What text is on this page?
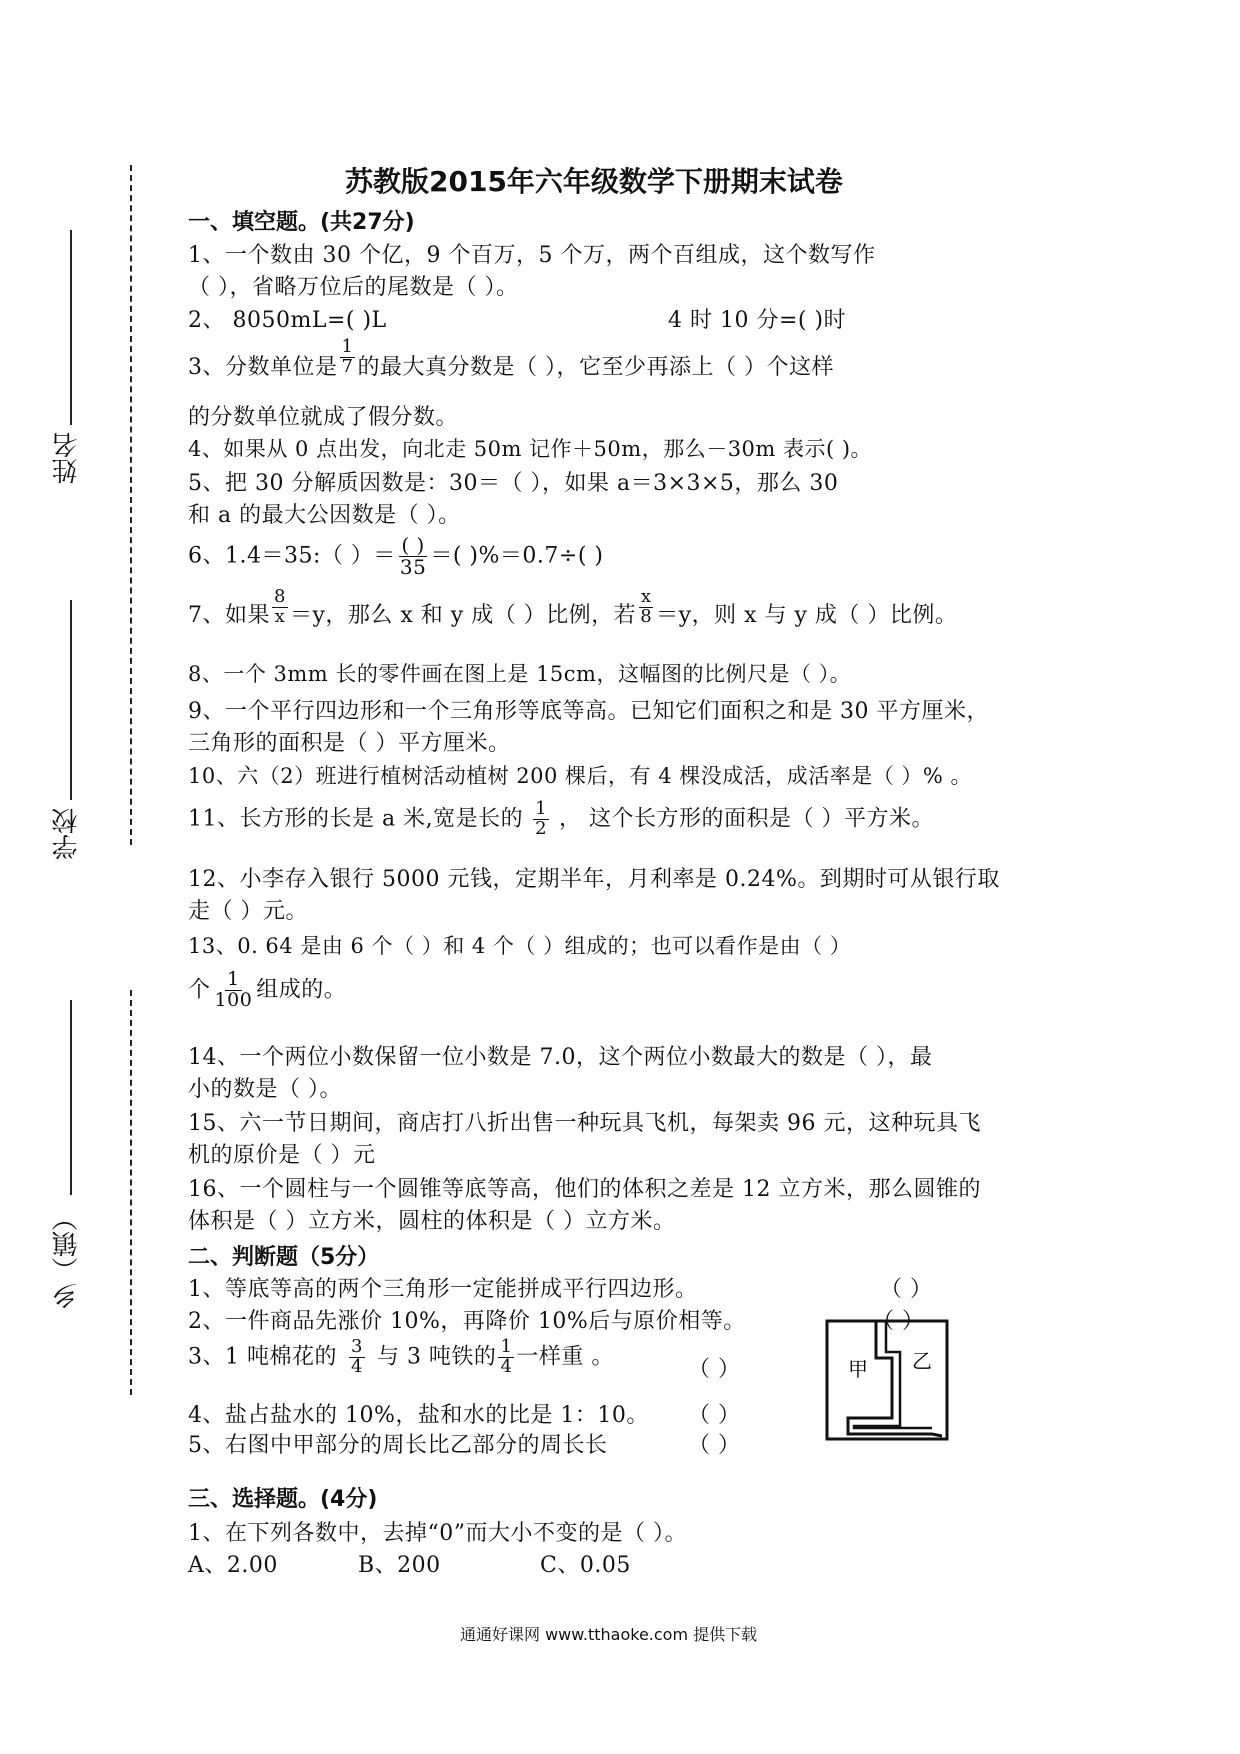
姓名
学校
乡（镇）
苏教版2015年六年级数学下册期末试卷
一、填空题。(共27分)
1、一个数由 30 个亿，9 个百万，5 个万，两个百组成，这个数写作
（ ），省略万位后的尾数是（ ）。
2、 8050mL=( )L	4 时 10 分=( )时
3、分数单位是 $\frac{1}{7}$ 的最大真分数是（ ），它至少再添上（ ）个这样
的分数单位就成了假分数。
4、如果从 0 点出发，向北走 50m 记作＋50m，那么－30m 表示( )。
5、把 30 分解质因数是：30＝（ ），如果 a＝3×3×5，那么 30
和 a 的最大公因数是（ ）。
6、1.4＝35:（ ）＝ $\frac{( )}{35}$ ＝( )%＝0.7÷( )
7、如果 $\frac{8}{x} =y$，那么 x 和 y 成（ ）比例，若 $\frac{x}{8} =y$，则 x 与 y 成（ ）比例。
8、一个 3mm 长的零件画在图上是 15cm，这幅图的比例尺是（ ）。
9、一个平行四边形和一个三角形等底等高。已知它们面积之和是 30 平方厘米，
三角形的面积是（ ）平方厘米。
10、六（2）班进行植树活动植树 200 棵后，有 4 棵没成活，成活率是（ ）% 。
11、长方形的长是 a 米,宽是长的 $\frac{1}{2}$ ， 这个长方形的面积是（ ）平方米。
12、小李存入银行 5000 元钱，定期半年，月利率是 0.24%。到期时可从银行取
走（ ）元。
13、0. 64 是由 6 个（ ）和 4 个（ ）组成的；也可以看作是由（ ）
个 $\frac{1}{100}$ 组成的。
14、一个两位小数保留一位小数是 7.0，这个两位小数最大的数是（ ），最
小的数是（ ）。
15、六一节日期间，商店打八折出售一种玩具飞机，每架卖 96 元，这种玩具飞
机的原价是（ ）元
16、一个圆柱与一个圆锥等底等高，他们的体积之差是 12 立方米，那么圆锥的
体积是（ ）立方米，圆柱的体积是（ ）立方米。
二、判断题（5分）
1、等底等高的两个三角形一定能拼成平行四边形。	（ ）
2、一件商品先涨价 10%，再降价 10%后与原价相等。	（ ）
3、1 吨棉花的 $\frac{3}{4}$ 与 3 吨铁的 $\frac{1}{4}$ 一样重 。
（ ）
4、盐占盐水的 10%，盐和水的比是 1：10。 （ ）
5、右图中甲部分的周长比乙部分的周长长	（ ）
甲 乙
三、选择题。(4分)
1、在下列各数中，去掉“0”而大小不变的是（ ）。
A、2.00	B、200	C、0.05
通通好课网 www.tthaoke.com 提供下载
